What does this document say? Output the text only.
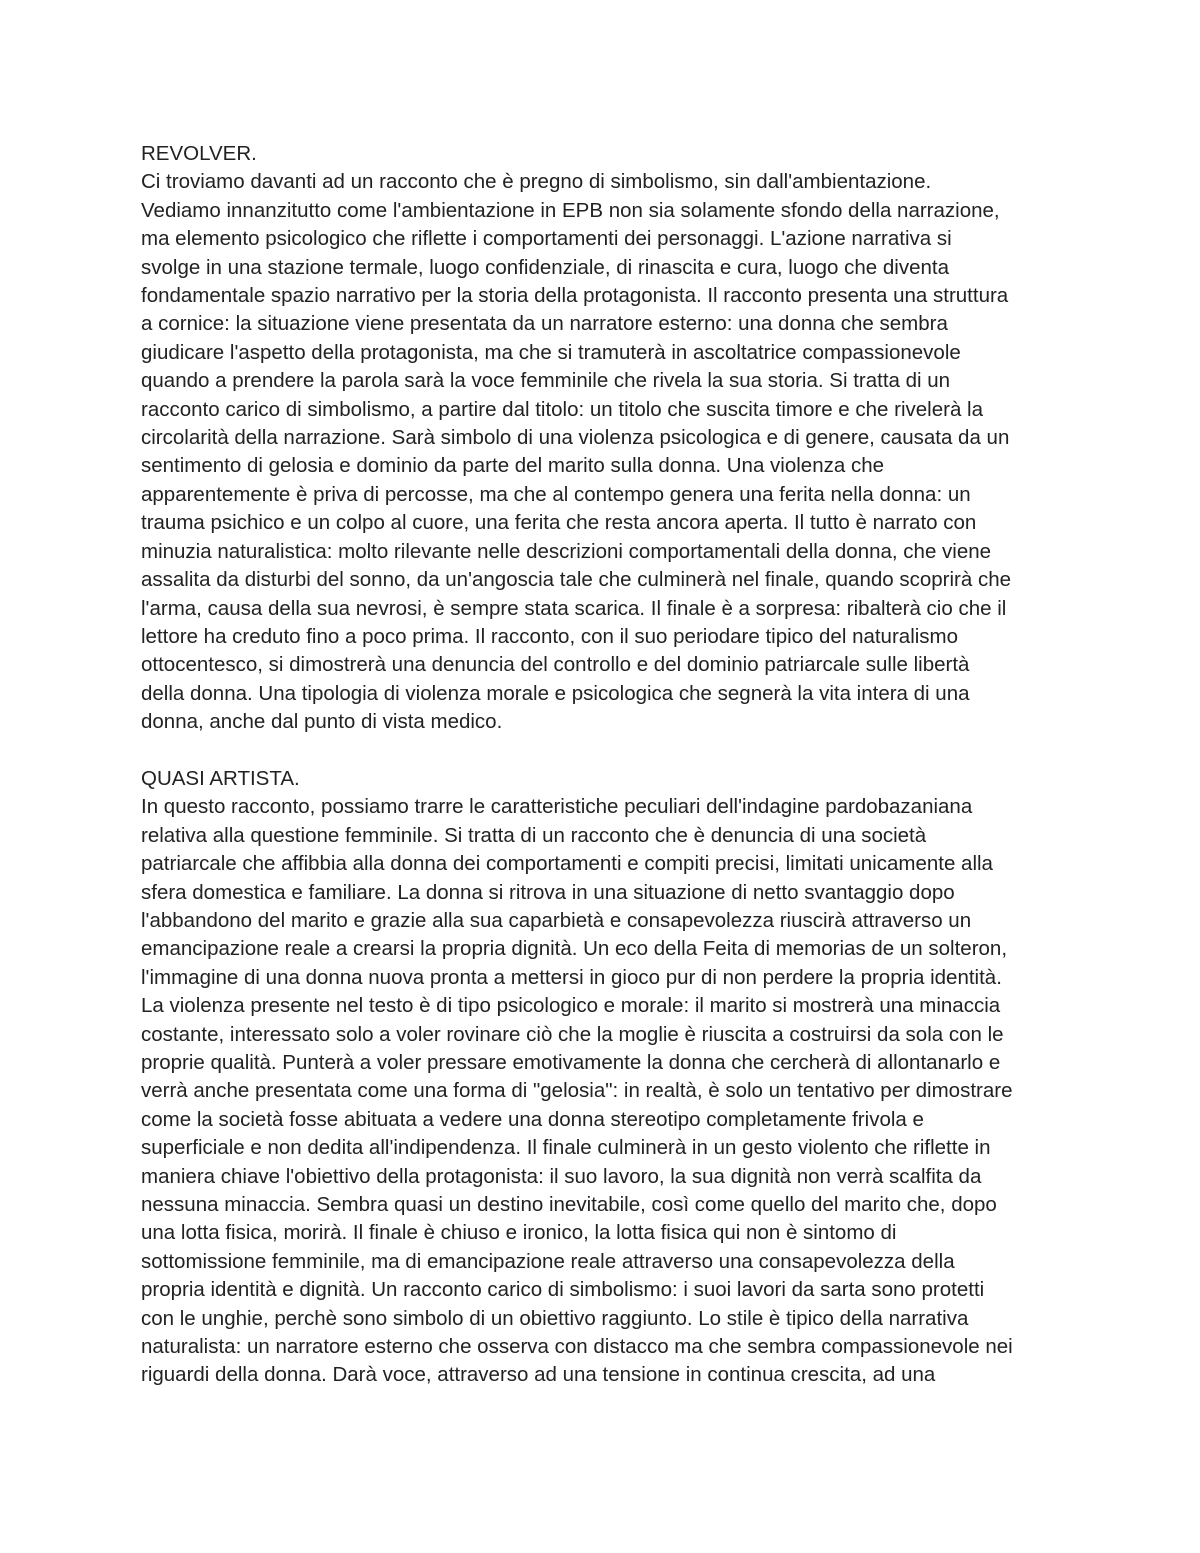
REVOLVER.
Ci troviamo davanti ad un racconto che è pregno di simbolismo, sin dall'ambientazione.
Vediamo innanzitutto come l'ambientazione in EPB non sia solamente sfondo della narrazione,
ma elemento psicologico che riflette i comportamenti dei personaggi. L'azione narrativa si
svolge in una stazione termale, luogo confidenziale, di rinascita e cura, luogo che diventa
fondamentale spazio narrativo per la storia della protagonista. Il racconto presenta una struttura
a cornice: la situazione viene presentata da un narratore esterno: una donna che sembra
giudicare l'aspetto della protagonista, ma che si tramuterà in ascoltatrice compassionevole
quando a prendere la parola sarà la voce femminile che rivela la sua storia. Si tratta di un
racconto carico di simbolismo, a partire dal titolo: un titolo che suscita timore e che rivelerà la
circolarità della narrazione. Sarà simbolo di una violenza psicologica e di genere, causata da un
sentimento di gelosia e dominio da parte del marito sulla donna. Una violenza che
apparentemente è priva di percosse, ma che al contempo genera una ferita nella donna: un
trauma psichico e un colpo al cuore, una ferita che resta ancora aperta. Il tutto è narrato con
minuzia naturalistica: molto rilevante nelle descrizioni comportamentali della donna, che viene
assalita da disturbi del sonno, da un'angoscia tale che culminerà nel finale, quando scoprirà che
l'arma, causa della sua nevrosi, è sempre stata scarica. Il finale è a sorpresa: ribalterà cio che il
lettore ha creduto fino a poco prima. Il racconto, con il suo periodare tipico del naturalismo
ottocentesco, si dimostrerà una denuncia del controllo e del dominio patriarcale sulle libertà
della donna. Una tipologia di violenza morale e psicologica che segnerà la vita intera di una
donna, anche dal punto di vista medico.
QUASI ARTISTA.
In questo racconto, possiamo trarre le caratteristiche peculiari dell'indagine pardobazaniana
relativa alla questione femminile. Si tratta di un racconto che è denuncia di una società
patriarcale che affibbia alla donna dei comportamenti e compiti precisi, limitati unicamente alla
sfera domestica e familiare. La donna si ritrova in una situazione di netto svantaggio dopo
l'abbandono del marito e grazie alla sua caparbietà e consapevolezza riuscirà attraverso un
emancipazione reale a crearsi la propria dignità. Un eco della Feita di memorias de un solteron,
l'immagine di una donna nuova pronta a mettersi in gioco pur di non perdere la propria identità.
La violenza presente nel testo è di tipo psicologico e morale: il marito si mostrerà una minaccia
costante, interessato solo a voler rovinare ciò che la moglie è riuscita a costruirsi da sola con le
proprie qualità. Punterà a voler pressare emotivamente la donna che cercherà di allontanarlo e
verrà anche presentata come una forma di "gelosia": in realtà, è solo un tentativo per dimostrare
come la società fosse abituata a vedere una donna stereotipo completamente frivola e
superficiale e non dedita all'indipendenza. Il finale culminerà in un gesto violento che riflette in
maniera chiave l'obiettivo della protagonista: il suo lavoro, la sua dignità non verrà scalfita da
nessuna minaccia. Sembra quasi un destino inevitabile, così come quello del marito che, dopo
una lotta fisica, morirà. Il finale è chiuso e ironico, la lotta fisica qui non è sintomo di
sottomissione femminile, ma di emancipazione reale attraverso una consapevolezza della
propria identità e dignità. Un racconto carico di simbolismo: i suoi lavori da sarta sono protetti
con le unghie, perchè sono simbolo di un obiettivo raggiunto. Lo stile è tipico della narrativa
naturalista: un narratore esterno che osserva con distacco ma che sembra compassionevole nei
riguardi della donna. Darà voce, attraverso ad una tensione in continua crescita, ad una
